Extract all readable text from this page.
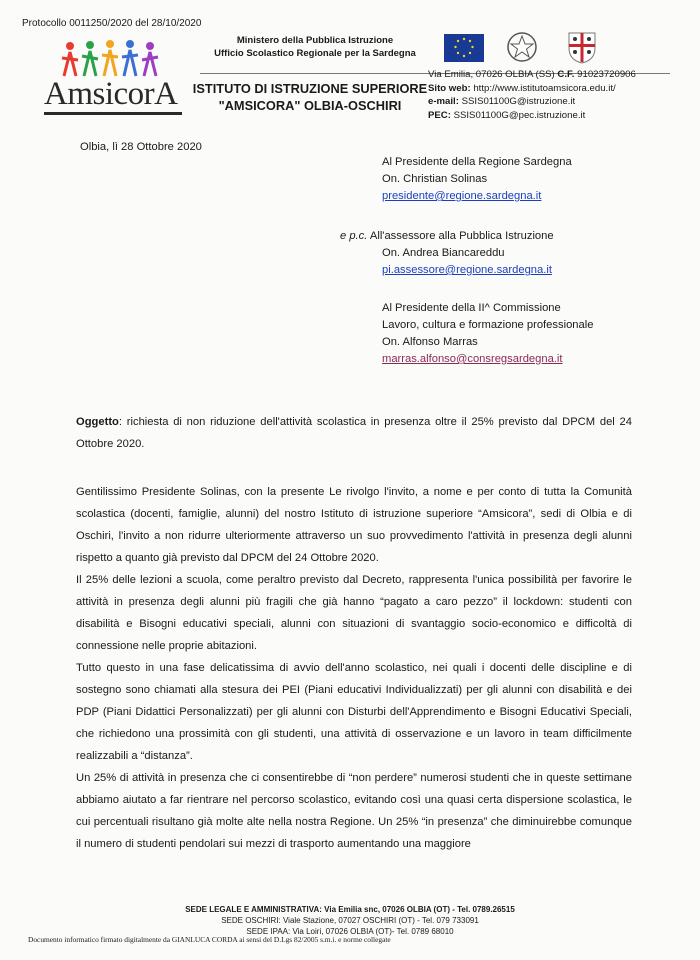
Protocollo 0011250/2020 del 28/10/2020
AmsicorA
Ministero della Pubblica Istruzione
Ufficio Scolastico Regionale per la Sardegna
ISTITUTO DI ISTRUZIONE SUPERIORE
"AMSICORA" OLBIA-OSCHIRI
Via Emilia, 07026 OLBIA (SS) C.F. 91023720906
Sito web: http://www.istitutoamsicora.edu.it/
e-mail: SSIS01100G@istruzione.it
PEC: SSIS01100G@pec.istruzione.it
Olbia, lì 28 Ottobre 2020
Al Presidente della Regione Sardegna
On. Christian Solinas
presidente@regione.sardegna.it
e p.c. All'assessore alla Pubblica Istruzione
On. Andrea Biancareddu
pi.assessore@regione.sardegna.it
Al Presidente della II^ Commissione
Lavoro, cultura e formazione professionale
On. Alfonso Marras
marras.alfonso@consregsardegna.it
Oggetto: richiesta di non riduzione dell'attività scolastica in presenza oltre il 25% previsto dal DPCM del 24 Ottobre 2020.

Gentilissimo Presidente Solinas, con la presente Le rivolgo l'invito, a nome e per conto di tutta la Comunità scolastica (docenti, famiglie, alunni) del nostro Istituto di istruzione superiore “Amsicora”, sedi di Olbia e di Oschiri, l'invito a non ridurre ulteriormente attraverso un suo provvedimento l'attività in presenza degli alunni rispetto a quanto già previsto dal DPCM del 24 Ottobre 2020.

Il 25% delle lezioni a scuola, come peraltro previsto dal Decreto, rappresenta l'unica possibilità per favorire le attività in presenza degli alunni più fragili che già hanno “pagato a caro pezzo” il lockdown: studenti con disabilità e Bisogni educativi speciali, alunni con situazioni di svantaggio socio-economico e difficoltà di connessione nelle proprie abitazioni.

Tutto questo in una fase delicatissima di avvio dell'anno scolastico, nei quali i docenti delle discipline e di sostegno sono chiamati alla stesura dei PEI (Piani educativi Individualizzati) per gli alunni con disabilità e dei PDP (Piani Didattici Personalizzati) per gli alunni con Disturbi dell'Apprendimento e Bisogni Educativi Speciali, che richiedono una prossimità con gli studenti, una attività di osservazione e un lavoro in team difficilmente realizzabili a “distanza”.

Un 25% di attività in presenza che ci consentirebbe di “non perdere” numerosi studenti che in queste settimane abbiamo aiutato a far rientrare nel percorso scolastico, evitando così una quasi certa dispersione scolastica, le cui percentuali risultano già molte alte nella nostra Regione. Un 25% “in presenza” che diminuirebbe comunque il numero di studenti pendolari sui mezzi di trasporto aumentando una maggiore

SEDE LEGALE E AMMINISTRATIVA: Via Emilia snc, 07026 OLBIA (OT) - Tel. 0789.26515
SEDE OSCHIRI: Viale Stazione, 07027 OSCHIRI (OT) - Tel. 079 733091
SEDE IPAA: Via Loiri, 07026 OLBIA (OT)- Tel. 0789 68010
Documento informatico firmato digitalmente da GIANLUCA CORDA ai sensi del D.Lgs 82/2005 s.m.i. e norme collegate
